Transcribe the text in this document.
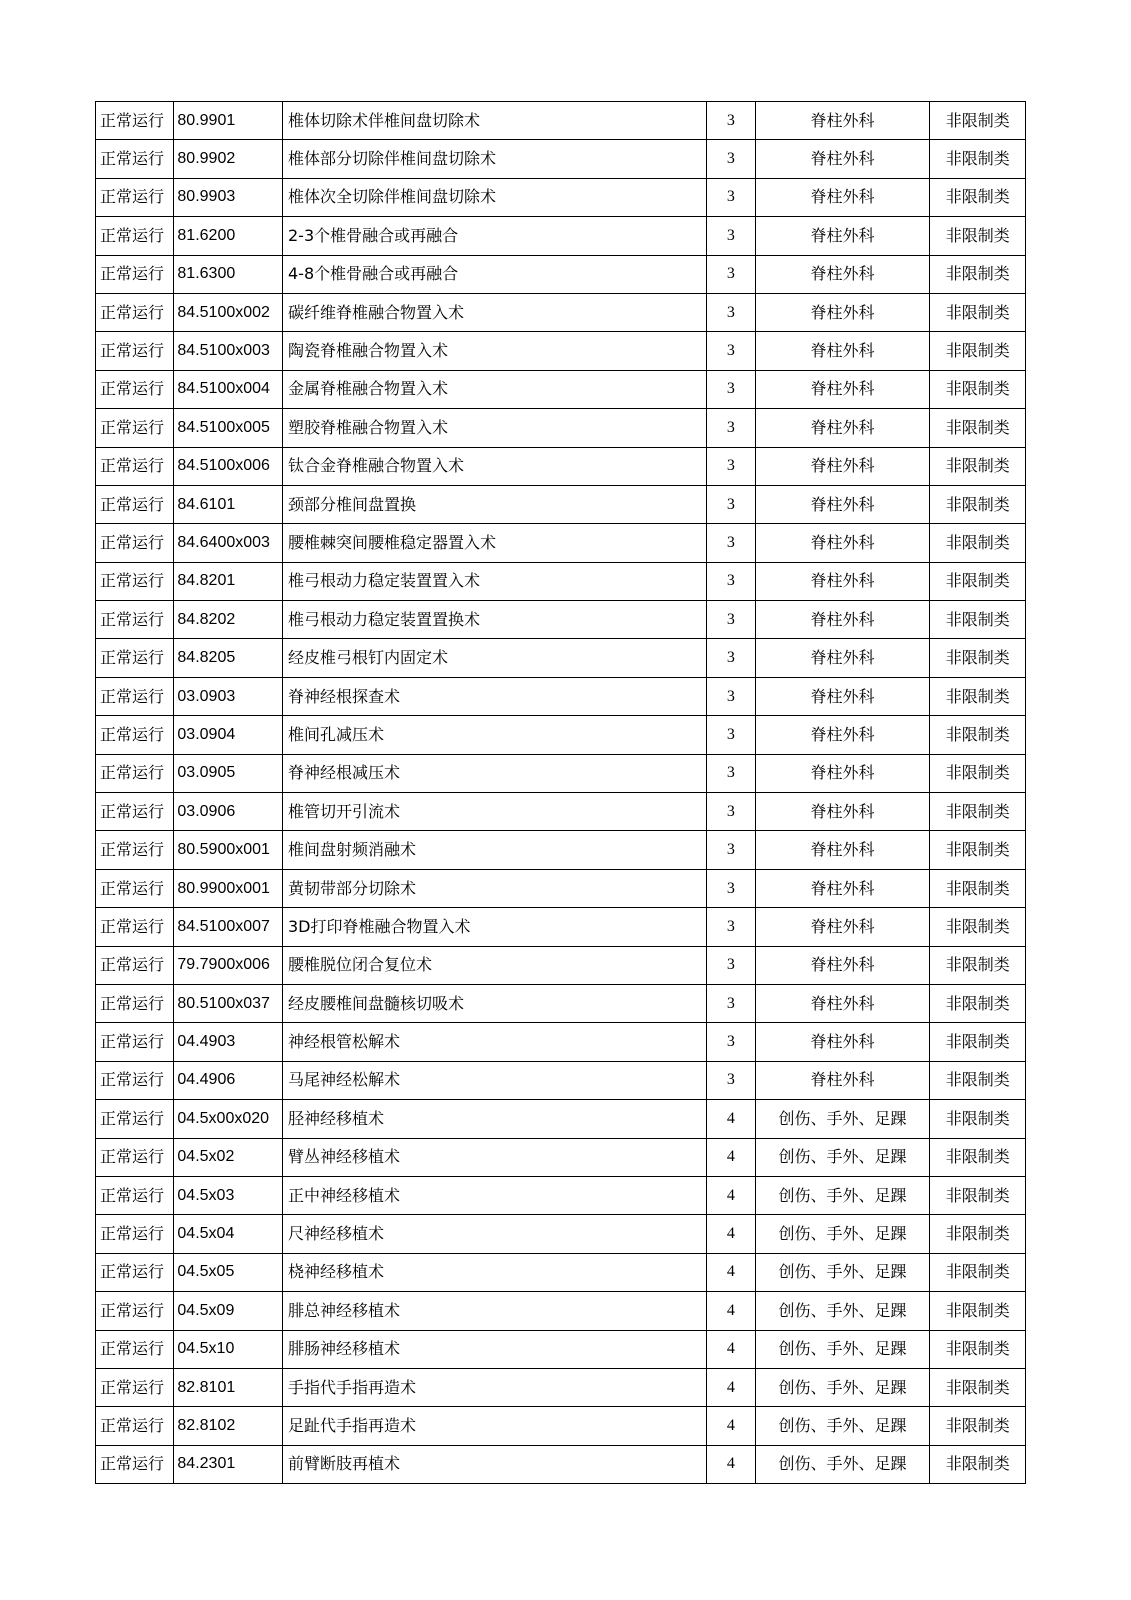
正常运行	80.9901	椎体切除术伴椎间盘切除术	3	脊柱外科	非限制类
正常运行	80.9902	椎体部分切除伴椎间盘切除术	3	脊柱外科	非限制类
正常运行	80.9903	椎体次全切除伴椎间盘切除术	3	脊柱外科	非限制类
正常运行	81.6200	2-3个椎骨融合或再融合	3	脊柱外科	非限制类
正常运行	81.6300	4-8个椎骨融合或再融合	3	脊柱外科	非限制类
正常运行	84.5100x002	碳纤维脊椎融合物置入术	3	脊柱外科	非限制类
正常运行	84.5100x003	陶瓷脊椎融合物置入术	3	脊柱外科	非限制类
正常运行	84.5100x004	金属脊椎融合物置入术	3	脊柱外科	非限制类
正常运行	84.5100x005	塑胶脊椎融合物置入术	3	脊柱外科	非限制类
正常运行	84.5100x006	钛合金脊椎融合物置入术	3	脊柱外科	非限制类
正常运行	84.6101	颈部分椎间盘置换	3	脊柱外科	非限制类
正常运行	84.6400x003	腰椎棘突间腰椎稳定器置入术	3	脊柱外科	非限制类
正常运行	84.8201	椎弓根动力稳定装置置入术	3	脊柱外科	非限制类
正常运行	84.8202	椎弓根动力稳定装置置换术	3	脊柱外科	非限制类
正常运行	84.8205	经皮椎弓根钉内固定术	3	脊柱外科	非限制类
正常运行	03.0903	脊神经根探查术	3	脊柱外科	非限制类
正常运行	03.0904	椎间孔减压术	3	脊柱外科	非限制类
正常运行	03.0905	脊神经根减压术	3	脊柱外科	非限制类
正常运行	03.0906	椎管切开引流术	3	脊柱外科	非限制类
正常运行	80.5900x001	椎间盘射频消融术	3	脊柱外科	非限制类
正常运行	80.9900x001	黄韧带部分切除术	3	脊柱外科	非限制类
正常运行	84.5100x007	3D打印脊椎融合物置入术	3	脊柱外科	非限制类
正常运行	79.7900x006	腰椎脱位闭合复位术	3	脊柱外科	非限制类
正常运行	80.5100x037	经皮腰椎间盘髓核切吸术	3	脊柱外科	非限制类
正常运行	04.4903	神经根管松解术	3	脊柱外科	非限制类
正常运行	04.4906	马尾神经松解术	3	脊柱外科	非限制类
正常运行	04.5x00x020	胫神经移植术	4	创伤、手外、足踝	非限制类
正常运行	04.5x02	臂丛神经移植术	4	创伤、手外、足踝	非限制类
正常运行	04.5x03	正中神经移植术	4	创伤、手外、足踝	非限制类
正常运行	04.5x04	尺神经移植术	4	创伤、手外、足踝	非限制类
正常运行	04.5x05	桡神经移植术	4	创伤、手外、足踝	非限制类
正常运行	04.5x09	腓总神经移植术	4	创伤、手外、足踝	非限制类
正常运行	04.5x10	腓肠神经移植术	4	创伤、手外、足踝	非限制类
正常运行	82.8101	手指代手指再造术	4	创伤、手外、足踝	非限制类
正常运行	82.8102	足趾代手指再造术	4	创伤、手外、足踝	非限制类
正常运行	84.2301	前臂断肢再植术	4	创伤、手外、足踝	非限制类
